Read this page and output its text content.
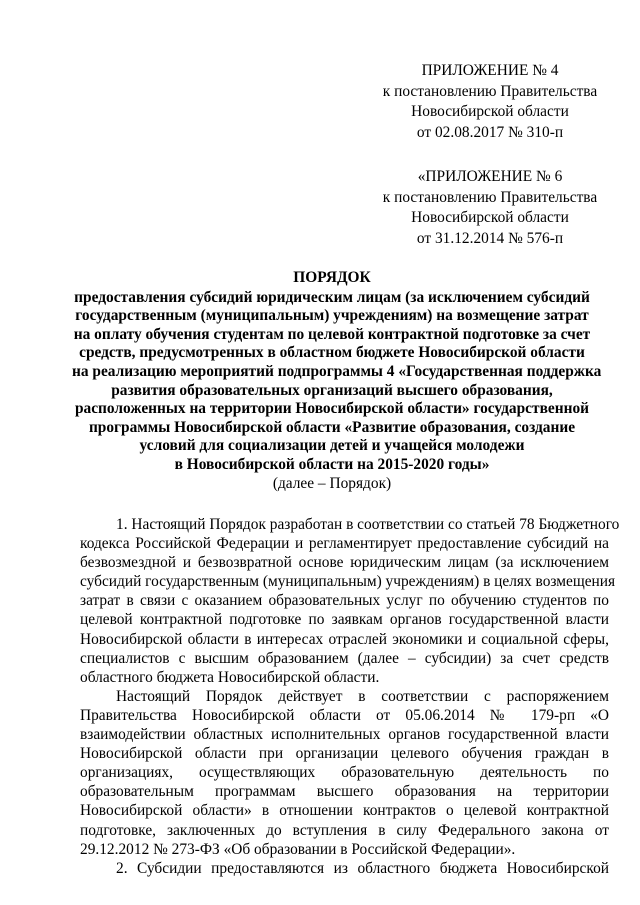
ПРИЛОЖЕНИЕ № 4
к постановлению Правительства
Новосибирской области
от 02.08.2017 № 310-п
«ПРИЛОЖЕНИЕ № 6
к постановлению Правительства
Новосибирской области
от 31.12.2014 № 576-п
ПОРЯДОК
предоставления субсидий юридическим лицам (за исключением субсидий
государственным (муниципальным) учреждениям) на возмещение затрат
на оплату обучения студентам по целевой контрактной подготовке за счет
средств, предусмотренных в областном бюджете Новосибирской области
на реализацию мероприятий подпрограммы 4 «Государственная поддержка
развития образовательных организаций высшего образования,
расположенных на территории Новосибирской области» государственной
программы Новосибирской области «Развитие образования, создание
условий для социализации детей и учащейся молодежи
в Новосибирской области на 2015-2020 годы»
(далее – Порядок)
1. Настоящий Порядок разработан в соответствии со статьей 78 Бюджетного
кодекса Российской Федерации и регламентирует предоставление субсидий на
безвозмездной и безвозвратной основе юридическим лицам (за исключением
субсидий государственным (муниципальным) учреждениям) в целях возмещения
затрат в связи с оказанием образовательных услуг по обучению студентов по
целевой контрактной подготовке по заявкам органов государственной власти
Новосибирской области в интересах отраслей экономики и социальной сферы,
специалистов с высшим образованием (далее – субсидии) за счет средств
областного бюджета Новосибирской области.
Настоящий Порядок действует в соответствии с распоряжением
Правительства Новосибирской области от 05.06.2014 № 179-рп «О
взаимодействии областных исполнительных органов государственной власти
Новосибирской области при организации целевого обучения граждан в
организациях, осуществляющих образовательную деятельность по
образовательным программам высшего образования на территории
Новосибирской области» в отношении контрактов о целевой контрактной
подготовке, заключенных до вступления в силу Федерального закона от
29.12.2012 № 273-ФЗ «Об образовании в Российской Федерации».
2. Субсидии предоставляются из областного бюджета Новосибирской
